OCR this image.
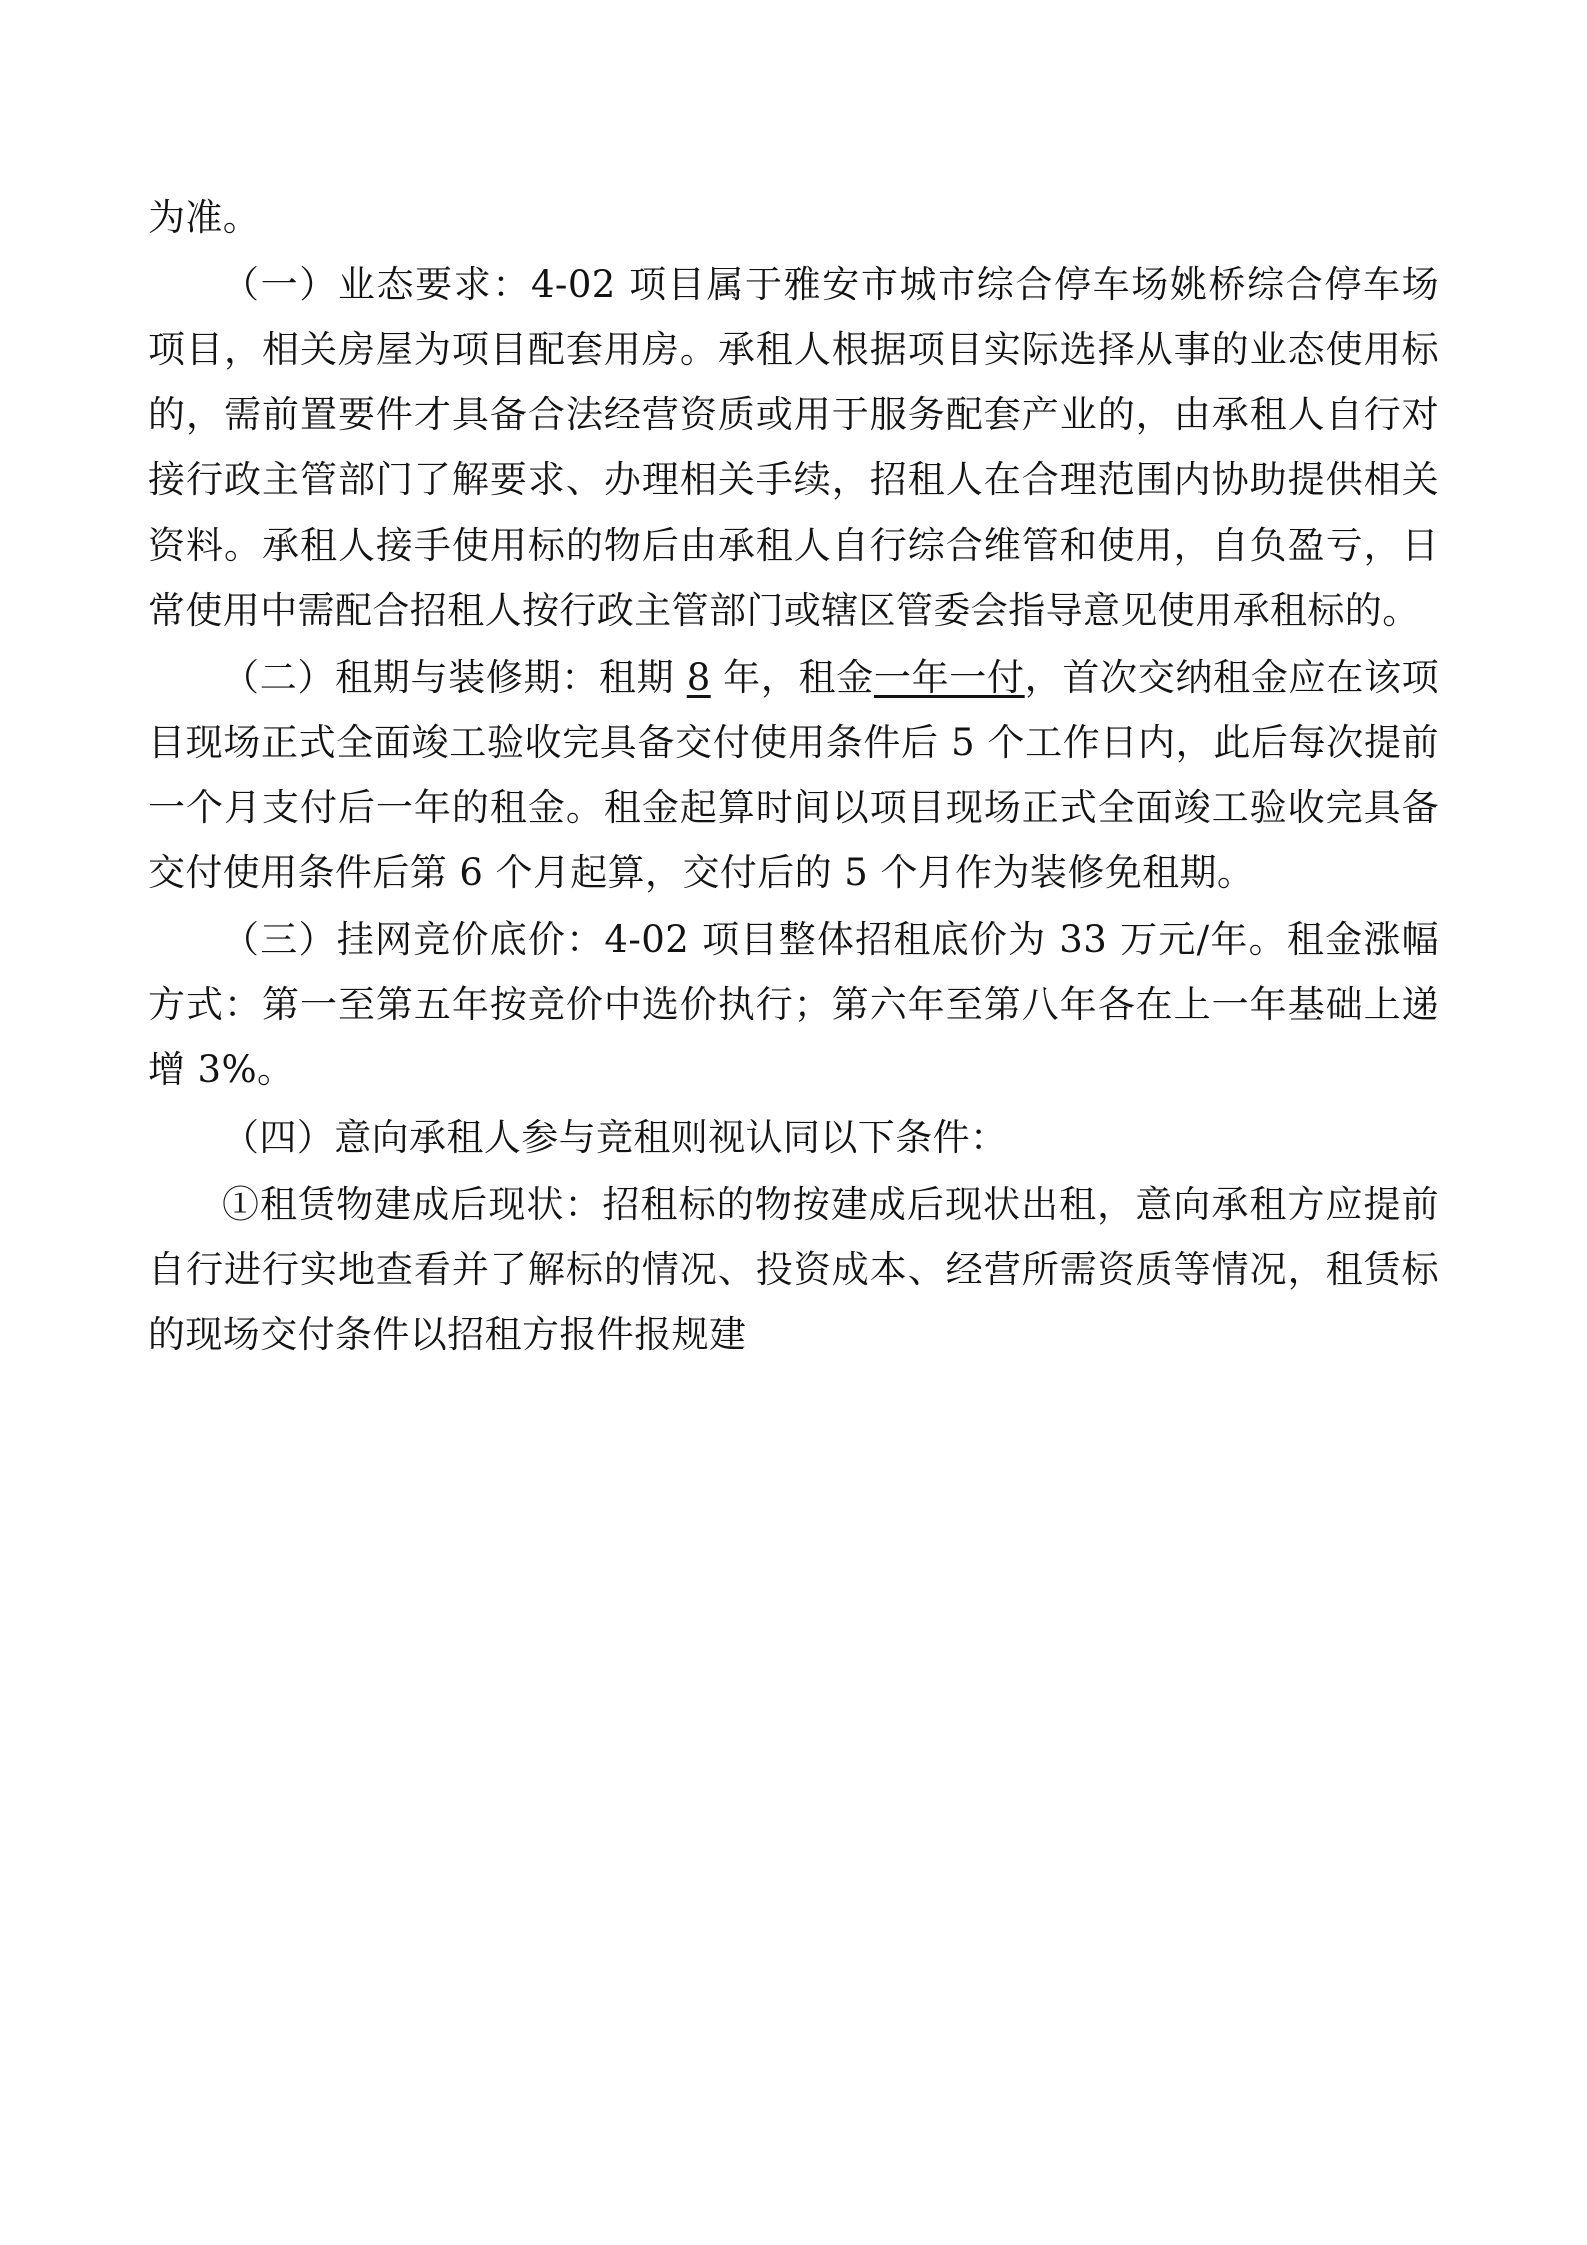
为准。

（一）业态要求：4-02 项目属于雅安市城市综合停车场姚桥综合停车场项目，相关房屋为项目配套用房。承租人根据项目实际选择从事的业态使用标的，需前置要件才具备合法经营资质或用于服务配套产业的，由承租人自行对接行政主管部门了解要求、办理相关手续，招租人在合理范围内协助提供相关资料。承租人接手使用标的物后由承租人自行综合维管和使用，自负盈亏，日常使用中需配合招租人按行政主管部门或辖区管委会指导意见使用承租标的。

（二）租期与装修期：租期 8 年，租金一年一付，首次交纳租金应在该项目现场正式全面竣工验收完具备交付使用条件后 5 个工作日内，此后每次提前一个月支付后一年的租金。租金起算时间以项目现场正式全面竣工验收完具备交付使用条件后第 6 个月起算，交付后的 5 个月作为装修免租期。

（三）挂网竞价底价：4-02 项目整体招租底价为 33 万元/年。租金涨幅方式：第一至第五年按竞价中选价执行；第六年至第八年各在上一年基础上递增 3%。

（四）意向承租人参与竞租则视认同以下条件：

①租赁物建成后现状：招租标的物按建成后现状出租，意向承租方应提前自行进行实地查看并了解标的情况、投资成本、经营所需资质等情况，租赁标的现场交付条件以招租方报件报规建
